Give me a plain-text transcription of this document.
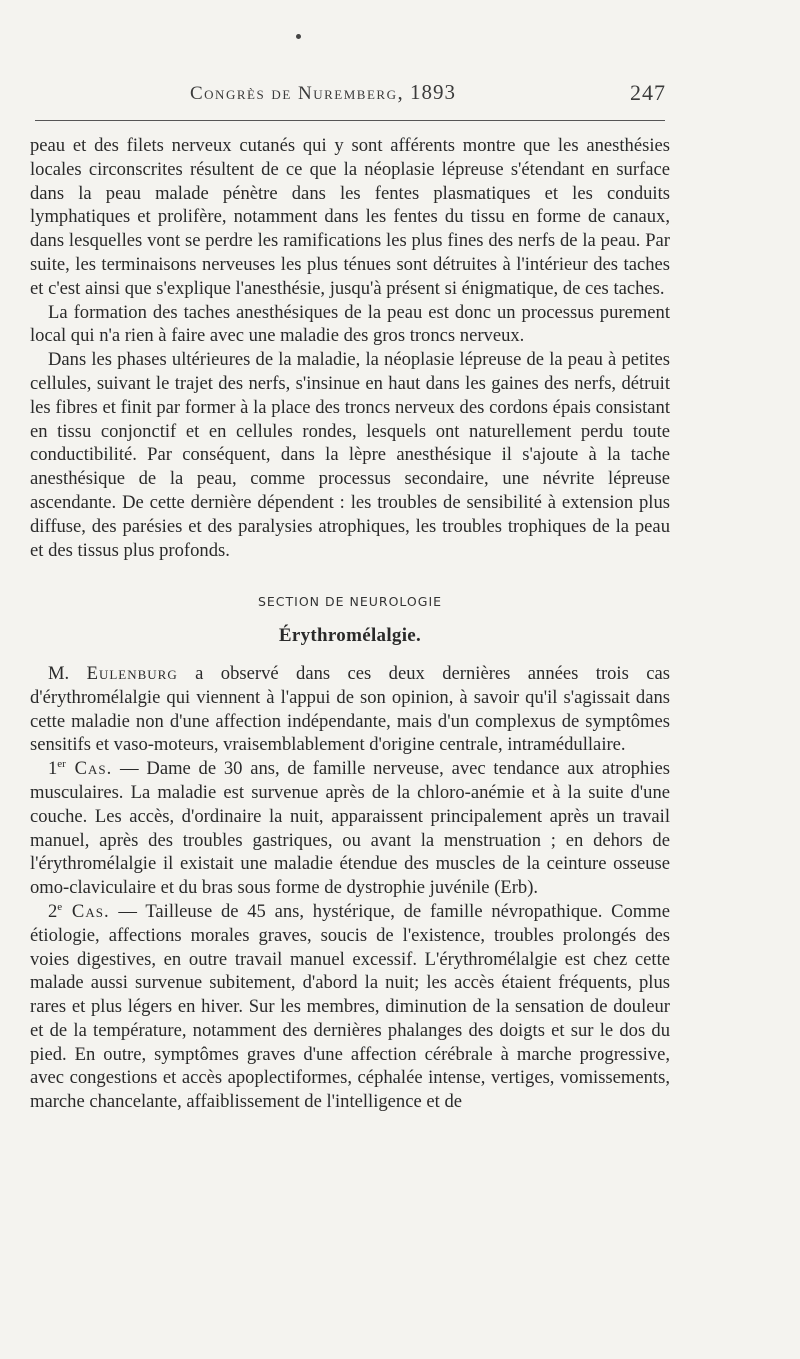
Congrès de Nuremberg, 1893	247

peau et des filets nerveux cutanés qui y sont afférents montre que les anesthésies locales circonscrites résultent de ce que la néoplasie lépreuse s'étendant en surface dans la peau malade pénètre dans les fentes plasmatiques et les conduits lymphatiques et prolifère, notamment dans les fentes du tissu en forme de canaux, dans lesquelles vont se perdre les ramifications les plus fines des nerfs de la peau. Par suite, les terminaisons nerveuses les plus ténues sont détruites à l'intérieur des taches et c'est ainsi que s'explique l'anesthésie, jusqu'à présent si énigmatique, de ces taches.

La formation des taches anesthésiques de la peau est donc un processus purement local qui n'a rien à faire avec une maladie des gros troncs nerveux.

Dans les phases ultérieures de la maladie, la néoplasie lépreuse de la peau à petites cellules, suivant le trajet des nerfs, s'insinue en haut dans les gaines des nerfs, détruit les fibres et finit par former à la place des troncs nerveux des cordons épais consistant en tissu conjonctif et en cellules rondes, lesquels ont naturellement perdu toute conductibilité. Par conséquent, dans la lèpre anesthésique il s'ajoute à la tache anesthésique de la peau, comme processus secondaire, une névrite lépreuse ascendante. De cette dernière dépendent : les troubles de sensibilité à extension plus diffuse, des parésies et des paralysies atrophiques, les troubles trophiques de la peau et des tissus plus profonds.

SECTION DE NEUROLOGIE
Érythromélalgie.

M. Eulenburg a observé dans ces deux dernières années trois cas d'érythromélalgie qui viennent à l'appui de son opinion, à savoir qu'il s'agissait dans cette maladie non d'une affection indépendante, mais d'un complexus de symptômes sensitifs et vaso-moteurs, vraisemblablement d'origine centrale, intramédullaire.

1er Cas. — Dame de 30 ans, de famille nerveuse, avec tendance aux atrophies musculaires. La maladie est survenue après de la chloro-anémie et à la suite d'une couche. Les accès, d'ordinaire la nuit, apparaissent principalement après un travail manuel, après des troubles gastriques, ou avant la menstruation ; en dehors de l'érythromélalgie il existait une maladie étendue des muscles de la ceinture osseuse omo-claviculaire et du bras sous forme de dystrophie juvénile (Erb).

2e Cas. — Tailleuse de 45 ans, hystérique, de famille névropathique. Comme étiologie, affections morales graves, soucis de l'existence, troubles prolongés des voies digestives, en outre travail manuel excessif. L'érythromélalgie est chez cette malade aussi survenue subitement, d'abord la nuit; les accès étaient fréquents, plus rares et plus légers en hiver. Sur les membres, diminution de la sensation de douleur et de la température, notamment des dernières phalanges des doigts et sur le dos du pied. En outre, symptômes graves d'une affection cérébrale à marche progressive, avec congestions et accès apoplectiformes, céphalée intense, vertiges, vomissements, marche chancelante, affaiblissement de l'intelligence et de
